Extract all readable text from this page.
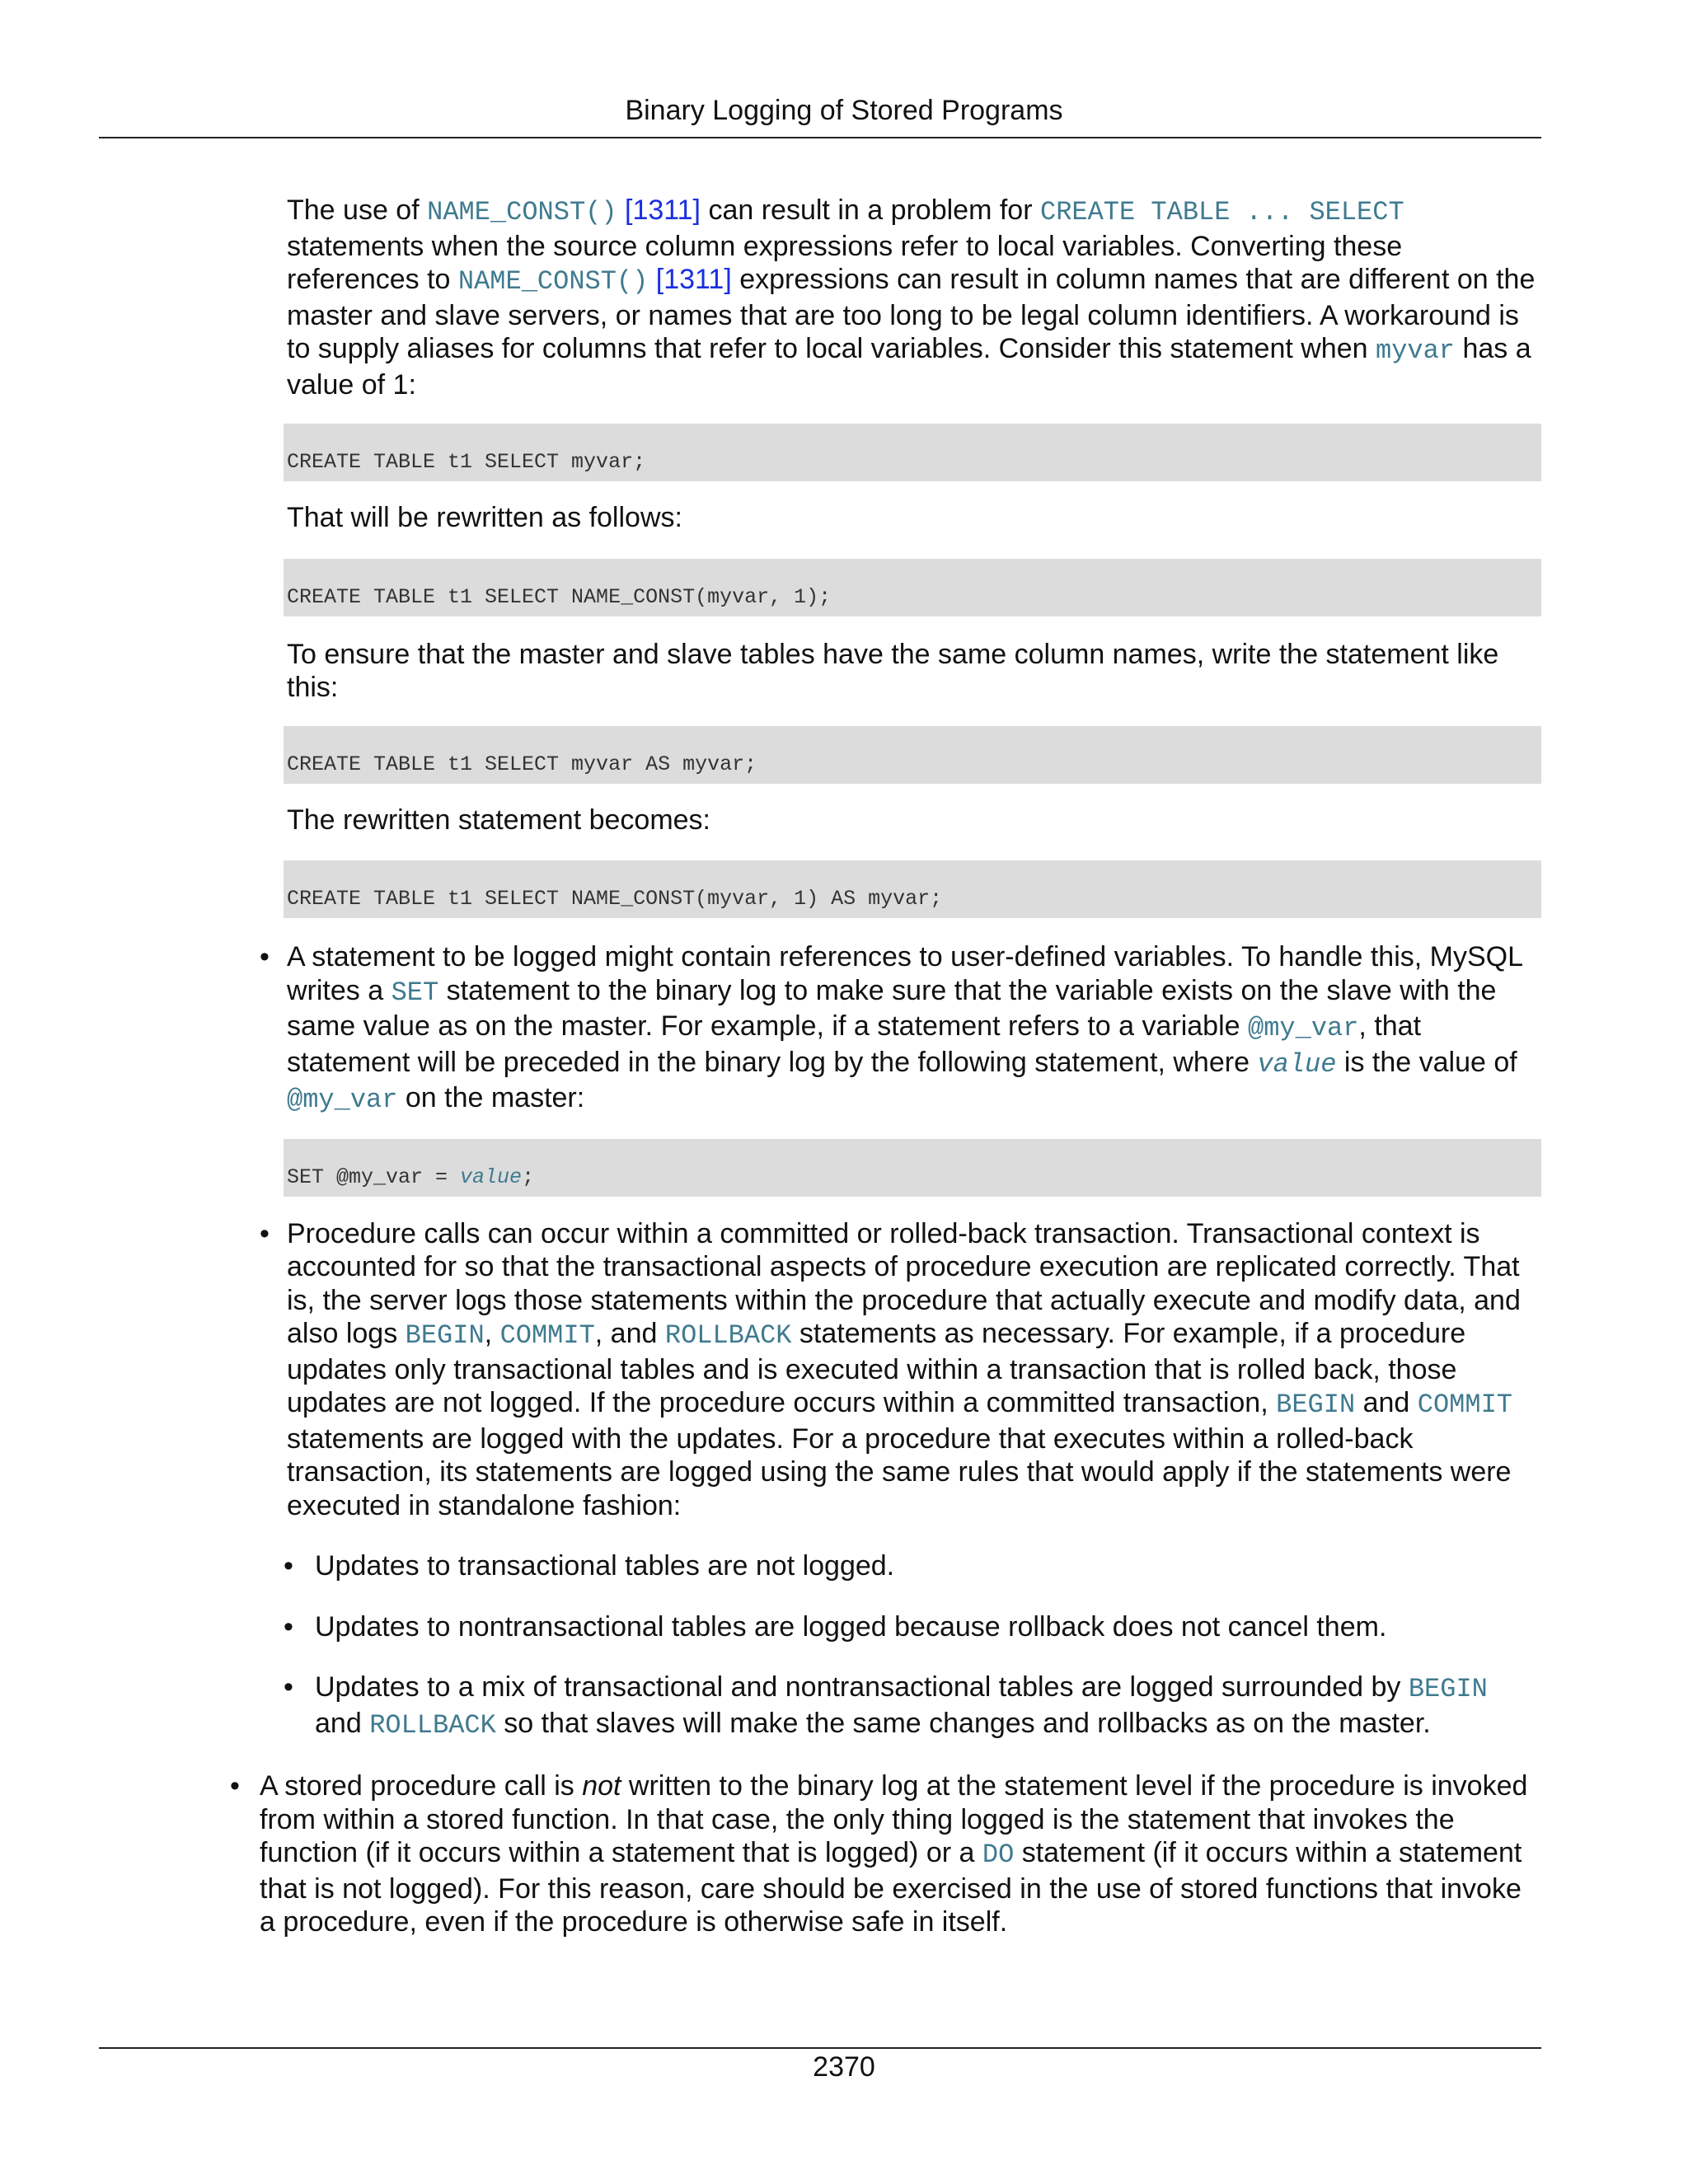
Binary Logging of Stored Programs

The use of NAME_CONST() [1311] can result in a problem for CREATE TABLE ... SELECT statements when the source column expressions refer to local variables. Converting these references to NAME_CONST() [1311] expressions can result in column names that are different on the master and slave servers, or names that are too long to be legal column identifiers. A workaround is to supply aliases for columns that refer to local variables. Consider this statement when myvar has a value of 1:

CREATE TABLE t1 SELECT myvar;

That will be rewritten as follows:

CREATE TABLE t1 SELECT NAME_CONST(myvar, 1);

To ensure that the master and slave tables have the same column names, write the statement like this:

CREATE TABLE t1 SELECT myvar AS myvar;

The rewritten statement becomes:

CREATE TABLE t1 SELECT NAME_CONST(myvar, 1) AS myvar;
• A statement to be logged might contain references to user-defined variables. To handle this, MySQL writes a SET statement to the binary log to make sure that the variable exists on the slave with the same value as on the master. For example, if a statement refers to a variable @my_var, that statement will be preceded in the binary log by the following statement, where value is the value of @my_var on the master:
SET @my_var = value;
• Procedure calls can occur within a committed or rolled-back transaction. Transactional context is accounted for so that the transactional aspects of procedure execution are replicated correctly. That is, the server logs those statements within the procedure that actually execute and modify data, and also logs BEGIN, COMMIT, and ROLLBACK statements as necessary. For example, if a procedure updates only transactional tables and is executed within a transaction that is rolled back, those updates are not logged. If the procedure occurs within a committed transaction, BEGIN and COMMIT statements are logged with the updates. For a procedure that executes within a rolled-back transaction, its statements are logged using the same rules that would apply if the statements were executed in standalone fashion:
• Updates to transactional tables are not logged.
• Updates to nontransactional tables are logged because rollback does not cancel them.
• Updates to a mix of transactional and nontransactional tables are logged surrounded by BEGIN and ROLLBACK so that slaves will make the same changes and rollbacks as on the master.
• A stored procedure call is not written to the binary log at the statement level if the procedure is invoked from within a stored function. In that case, the only thing logged is the statement that invokes the function (if it occurs within a statement that is logged) or a DO statement (if it occurs within a statement that is not logged). For this reason, care should be exercised in the use of stored functions that invoke a procedure, even if the procedure is otherwise safe in itself.
2370
